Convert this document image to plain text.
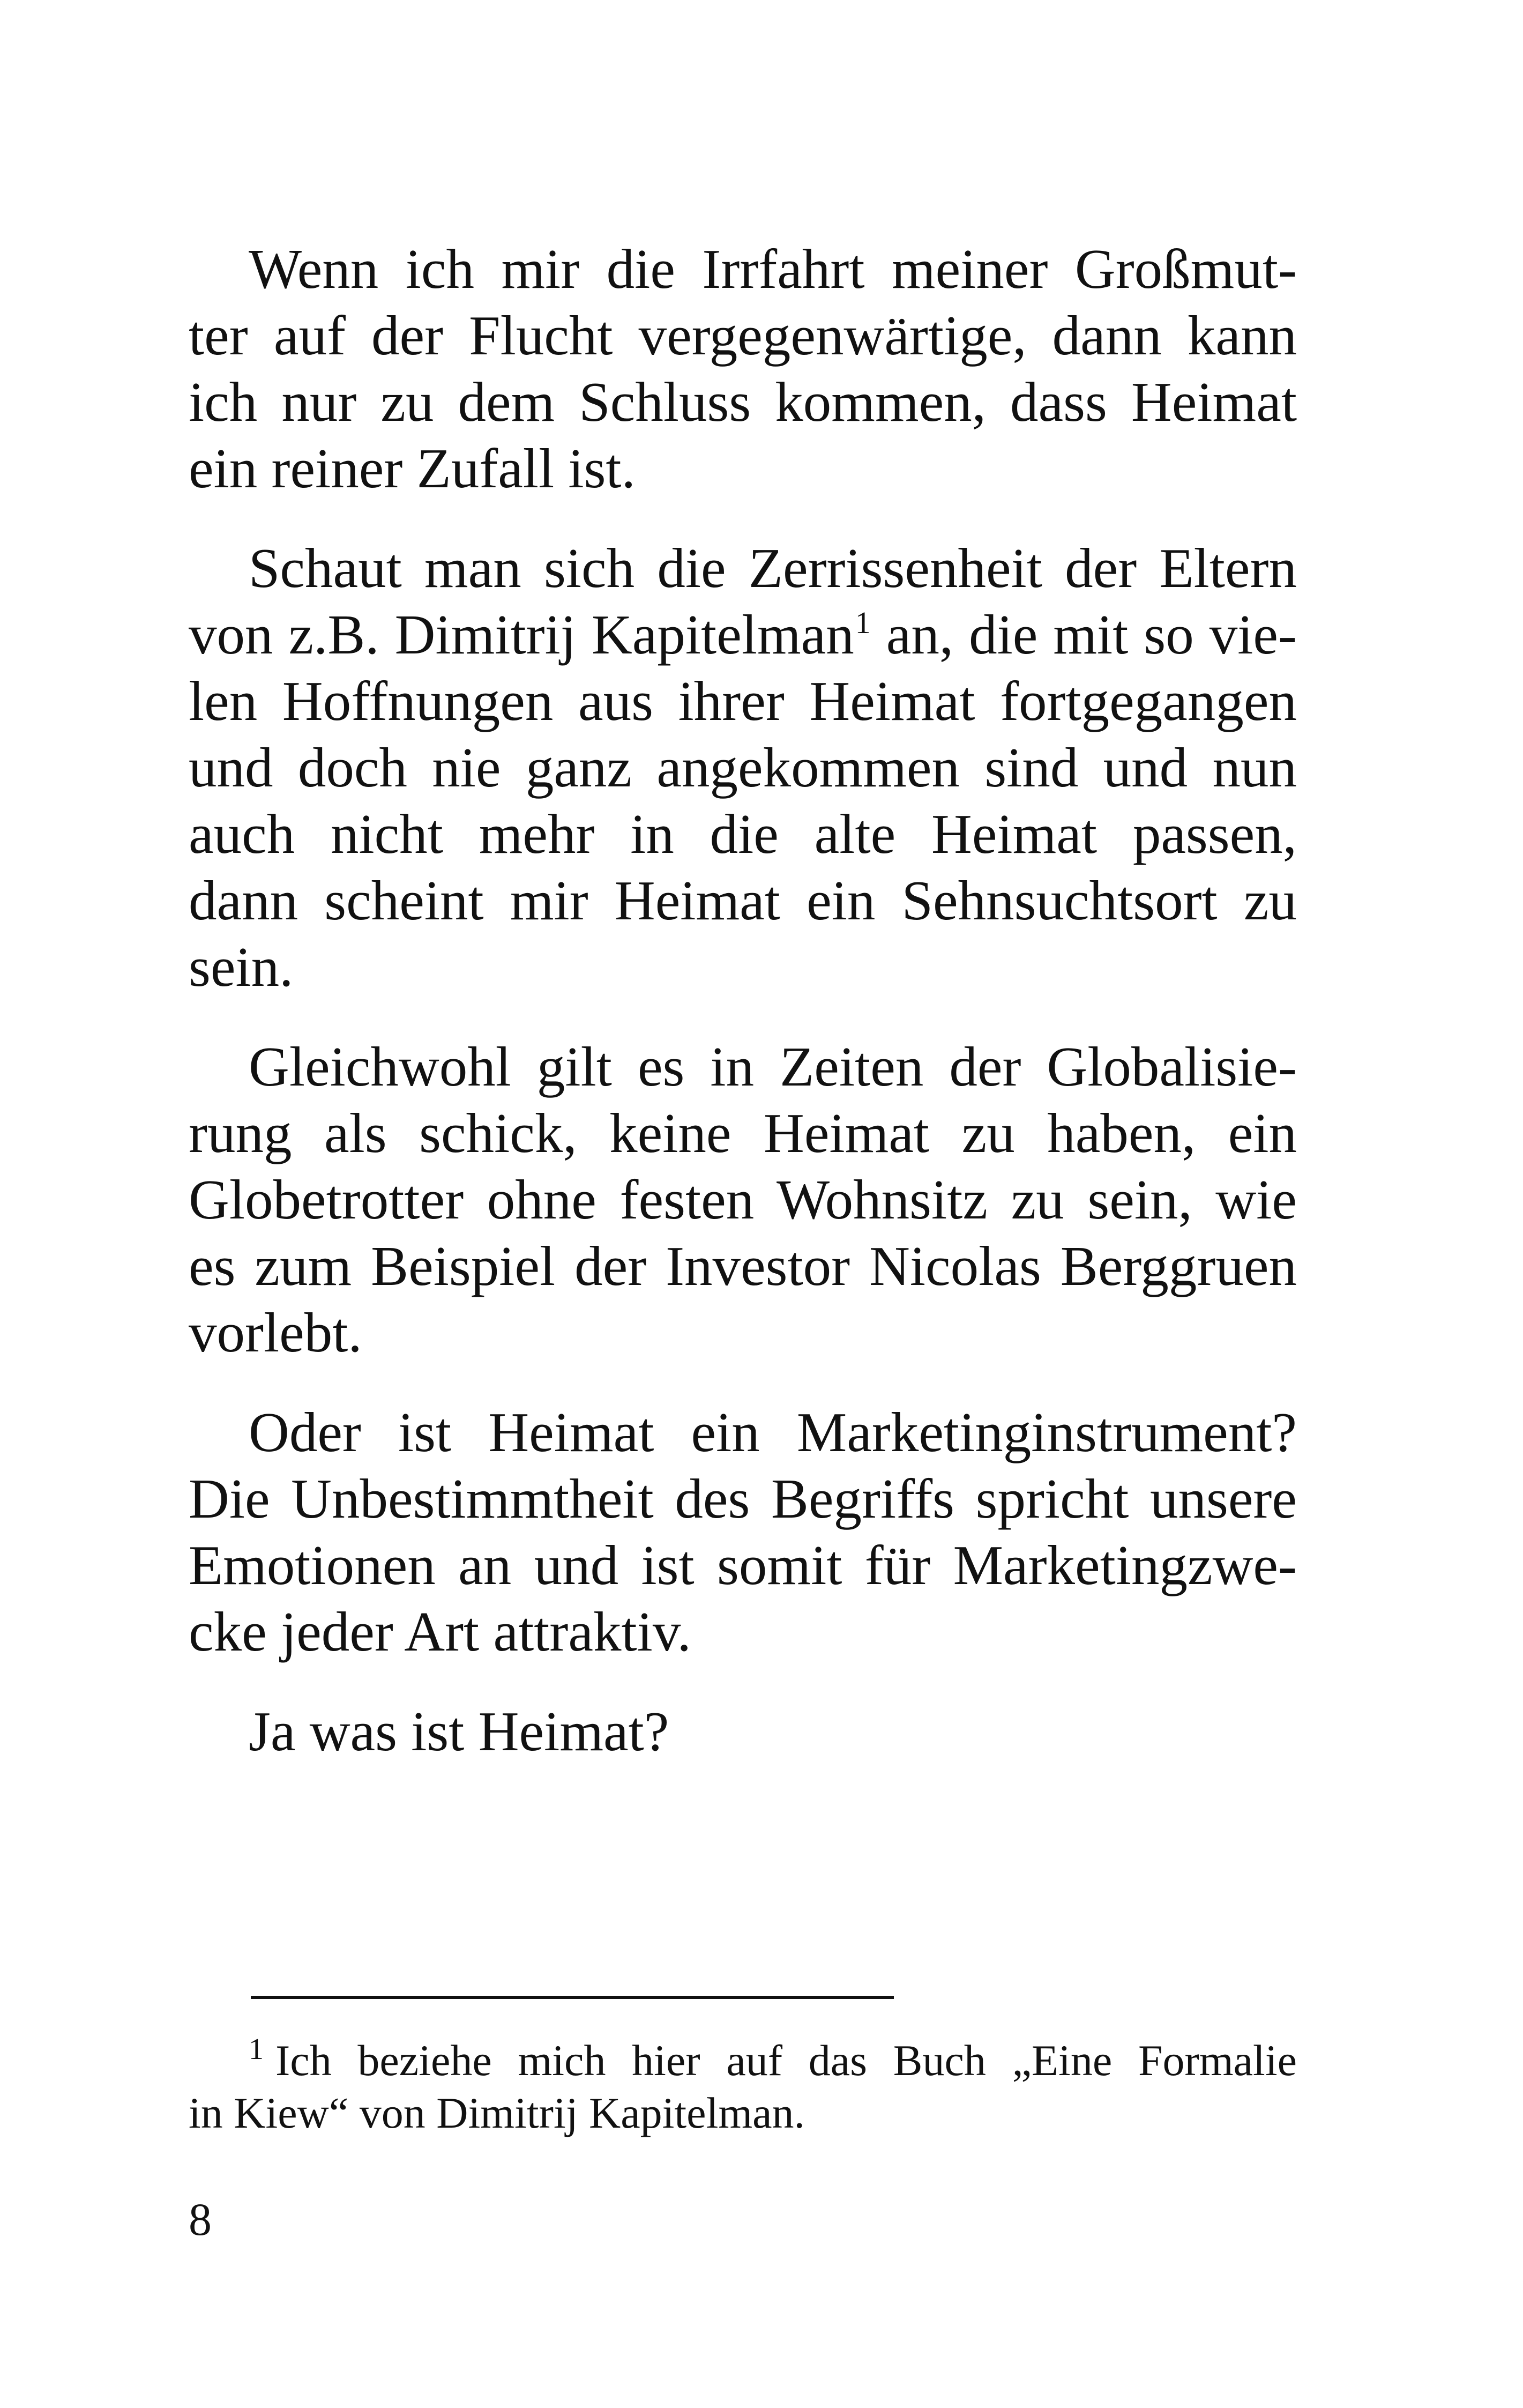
Wenn ich mir die Irrfahrt meiner Großmut-
ter auf der Flucht vergegenwärtige, dann kann
ich nur zu dem Schluss kommen, dass Heimat
ein reiner Zufall ist.

Schaut man sich die Zerrissenheit der Eltern
von z.B. Dimitrij Kapitelman$^1$ an, die mit so vie-
len Hoffnungen aus ihrer Heimat fortgegangen
und doch nie ganz angekommen sind und nun
auch nicht mehr in die alte Heimat passen,
dann scheint mir Heimat ein Sehnsuchtsort zu
sein.

Gleichwohl gilt es in Zeiten der Globalisie-
rung als schick, keine Heimat zu haben, ein
Globetrotter ohne festen Wohnsitz zu sein, wie
es zum Beispiel der Investor Nicolas Berggruen
vorlebt.

Oder ist Heimat ein Marketinginstrument?
Die Unbestimmtheit des Begriffs spricht unsere
Emotionen an und ist somit für Marketingzwe-
cke jeder Art attraktiv.

Ja was ist Heimat?

$^1$ Ich beziehe mich hier auf das Buch „Eine Formalie
in Kiew“ von Dimitrij Kapitelman.
8
